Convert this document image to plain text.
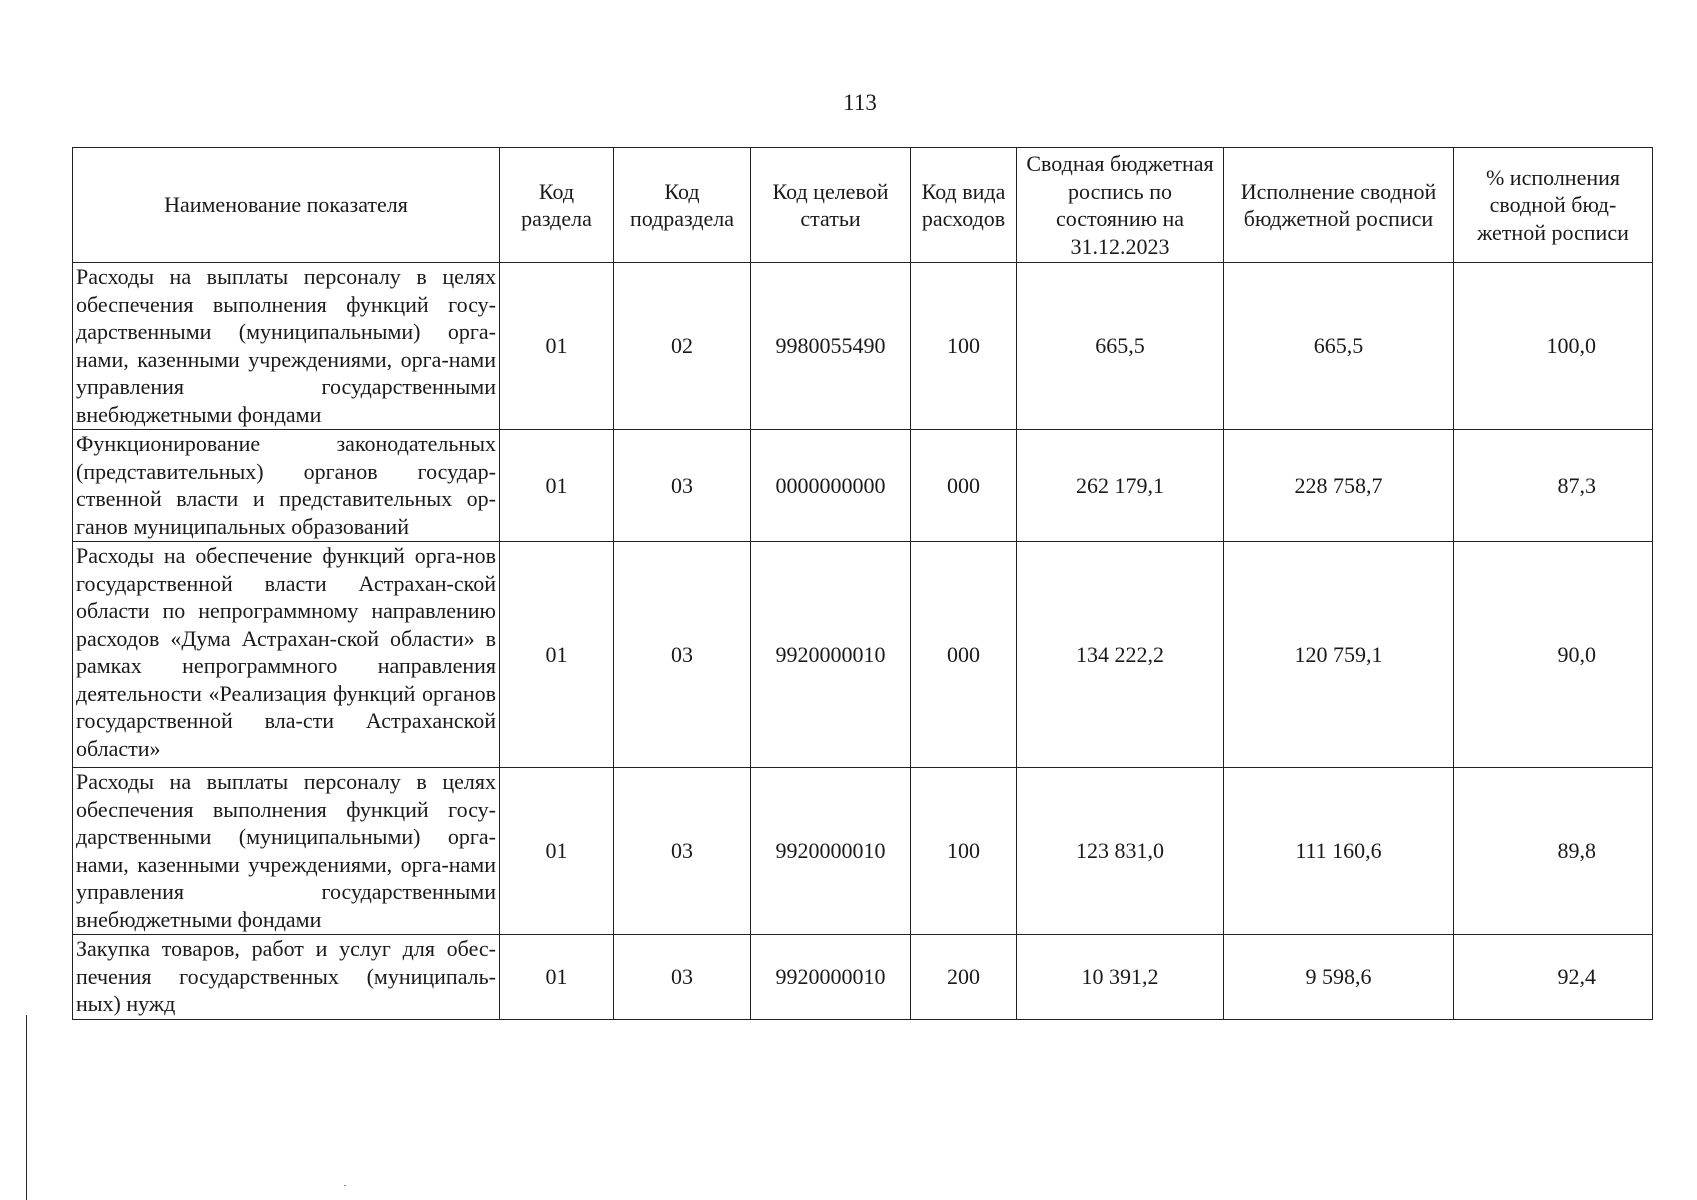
113
Наименование показателя	Код раздела	Код подраздела	Код целевой статьи	Код вида расходов	Сводная бюджетная роспись по состоянию на 31.12.2023	Исполнение сводной бюджетной росписи	% исполнения сводной бюд-жетной росписи
Расходы на выплаты персоналу в целях обеспечения выполнения функций госу-дарственными (муниципальными) орга-нами, казенными учреждениями, орга-нами управления государственными внебюджетными фондами	01	02	9980055490	100	665,5	665,5	100,0
Функционирование законодательных (представительных) органов государ-ственной власти и представительных ор-ганов муниципальных образований	01	03	0000000000	000	262 179,1	228 758,7	87,3
Расходы на обеспечение функций орга-нов государственной власти Астрахан-ской области по непрограммному направлению расходов «Дума Астрахан-ской области» в рамках непрограммного направления деятельности «Реализация функций органов государственной вла-сти Астраханской области»	01	03	9920000010	000	134 222,2	120 759,1	90,0
Расходы на выплаты персоналу в целях обеспечения выполнения функций госу-дарственными (муниципальными) орга-нами, казенными учреждениями, орга-нами управления государственными внебюджетными фондами	01	03	9920000010	100	123 831,0	111 160,6	89,8
Закупка товаров, работ и услуг для обес-печения государственных (муниципаль-ных) нужд	01	03	9920000010	200	10 391,2	9 598,6	92,4
